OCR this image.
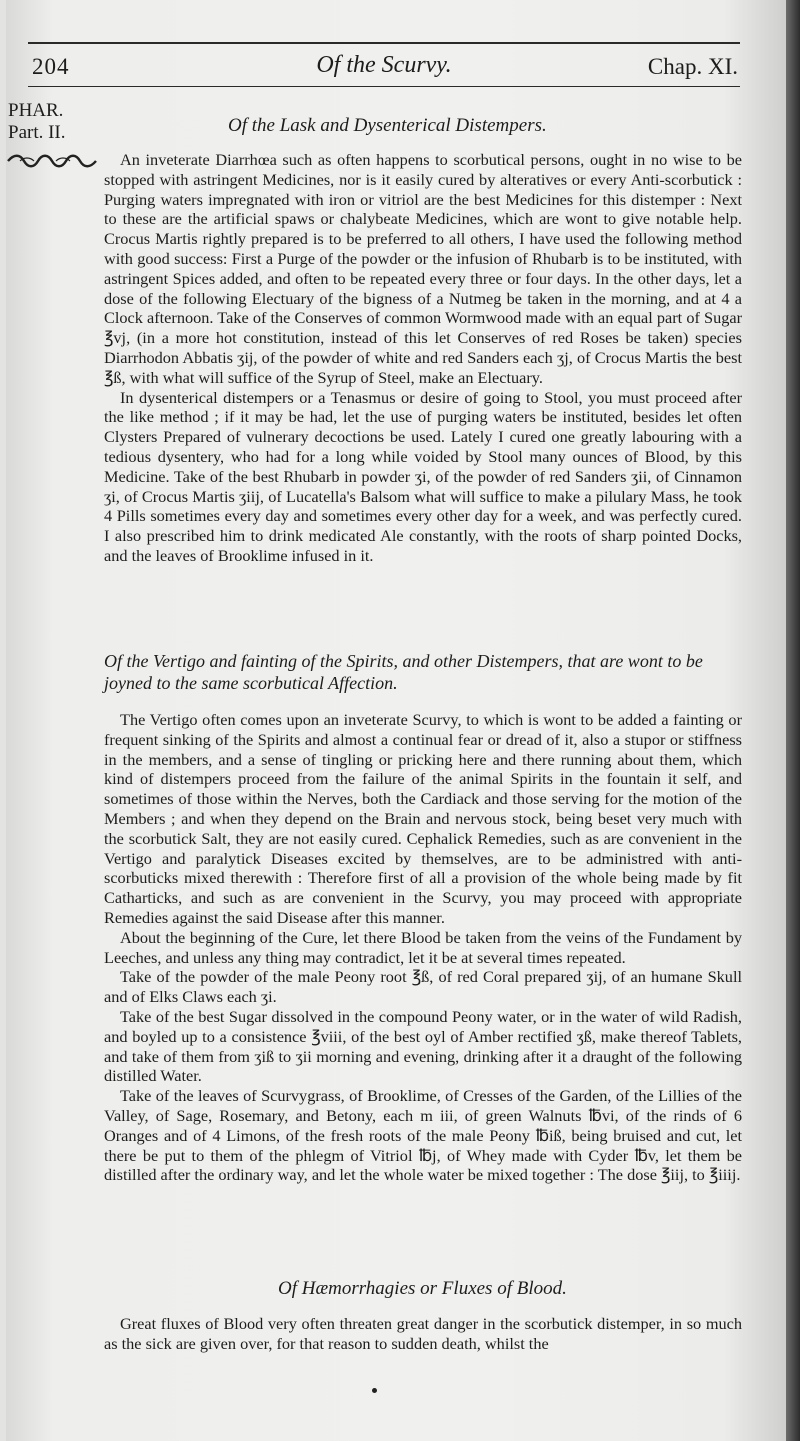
204	Of the Scurvy.	Chap. XI.
PHAR.
Part. II.	Of the Lask and Dysenterical Distempers.

An inveterate Diarrhœa such as often happens to scorbutical persons, ought in no wise to be stopped with astringent Medicines, nor is it easily cured by alteratives or every Anti-scorbutick : Purging waters impregnated with iron or vitriol are the best Medicines for this distemper : Next to these are the artificial spaws or chalybeate Medicines, which are wont to give notable help. Crocus Martis rightly prepared is to be preferred to all others, I have used the following method with good success: First a Purge of the powder or the infusion of Rhubarb is to be instituted, with astringent Spices added, and often to be repeated every three or four days. In the other days, let a dose of the following Electuary of the bigness of a Nutmeg be taken in the morning, and at 4 a Clock afternoon. Take of the Conserves of common Wormwood made with an equal part of Sugar ℥vj, (in a more hot constitution, instead of this let Conserves of red Roses be taken) species Diarrhodon Abbatis ʒij, of the powder of white and red Sanders each ʒj, of Crocus Martis the best ℥ß, with what will suffice of the Syrup of Steel, make an Electuary.

In dysenterical distempers or a Tenasmus or desire of going to Stool, you must proceed after the like method ; if it may be had, let the use of purging waters be instituted, besides let often Clysters Prepared of vulnerary decoctions be used. Lately I cured one greatly labouring with a tedious dysentery, who had for a long while voided by Stool many ounces of Blood, by this Medicine. Take of the best Rhubarb in powder ʒi, of the powder of red Sanders ʒii, of Cinnamon ʒi, of Crocus Martis ʒiij, of Lucatella's Balsom what will suffice to make a pilulary Mass, he took 4 Pills sometimes every day and sometimes every other day for a week, and was perfectly cured. I also prescribed him to drink medicated Ale constantly, with the roots of sharp pointed Docks, and the leaves of Brooklime infused in it.

Of the Vertigo and fainting of the Spirits, and other Distempers, that are wont to be joyned to the same scorbutical Affection.

The Vertigo often comes upon an inveterate Scurvy, to which is wont to be added a fainting or frequent sinking of the Spirits and almost a continual fear or dread of it, also a stupor or stiffness in the members, and a sense of tingling or pricking here and there running about them, which kind of distempers proceed from the failure of the animal Spirits in the fountain it self, and sometimes of those within the Nerves, both the Cardiack and those serving for the motion of the Members ; and when they depend on the Brain and nervous stock, being beset very much with the scorbutick Salt, they are not easily cured. Cephalick Remedies, such as are convenient in the Vertigo and paralytick Diseases excited by themselves, are to be administred with anti-scorbuticks mixed therewith : Therefore first of all a provision of the whole being made by fit Catharticks, and such as are convenient in the Scurvy, you may proceed with appropriate Remedies against the said Disease after this manner.

About the beginning of the Cure, let there Blood be taken from the veins of the Fundament by Leeches, and unless any thing may contradict, let it be at several times repeated.

Take of the powder of the male Peony root ℥ß, of red Coral prepared ʒij, of an humane Skull and of Elks Claws each ʒi.

Take of the best Sugar dissolved in the compound Peony water, or in the water of wild Radish, and boyled up to a consistence ℥viii, of the best oyl of Amber rectified ʒß, make thereof Tablets, and take of them from ʒiß to ʒii morning and evening, drinking after it a draught of the following distilled Water.

Take of the leaves of Scurvygrass, of Brooklime, of Cresses of the Garden, of the Lillies of the Valley, of Sage, Rosemary, and Betony, each m iii, of green Walnuts ℔vi, of the rinds of 6 Oranges and of 4 Limons, of the fresh roots of the male Peony ℔iß, being bruised and cut, let there be put to them of the phlegm of Vitriol ℔j, of Whey made with Cyder ℔v, let them be distilled after the ordinary way, and let the whole water be mixed together : The dose ℥iij, to ℥iiij.

Of Hæmorrhagies or Fluxes of Blood.

Great fluxes of Blood very often threaten great danger in the scorbutick distemper, in so much as the sick are given over, for that reason to sudden death, whilst the
